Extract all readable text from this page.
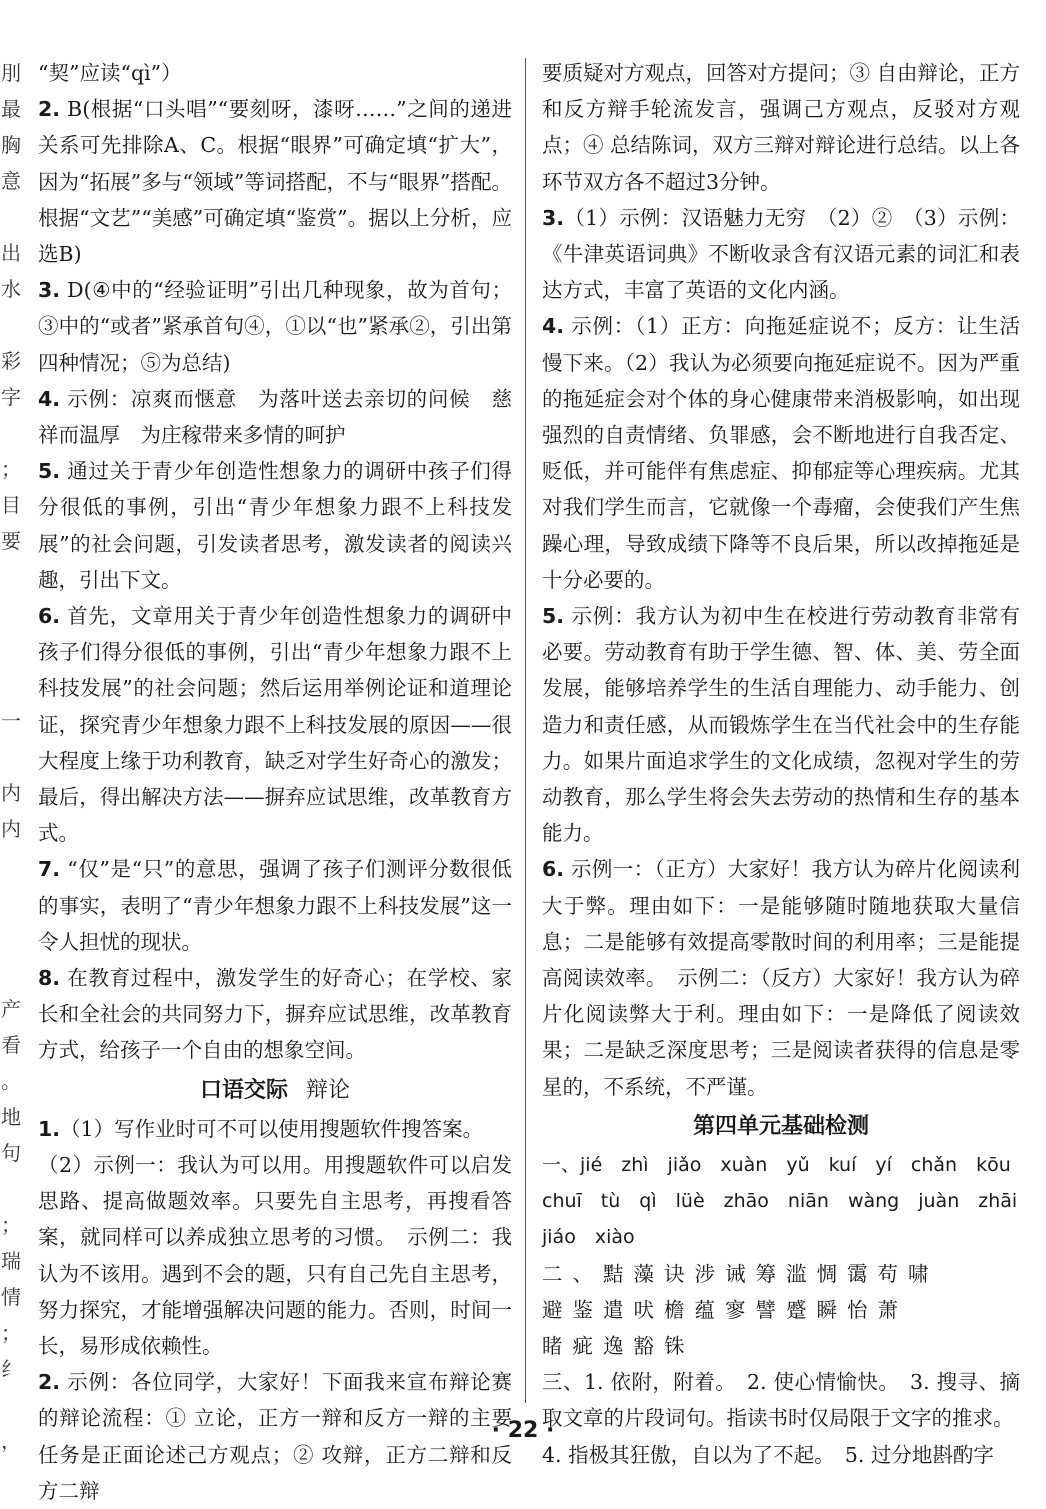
刖
最
胸
意

出
水

彩
字

；
目
要

一

内
内

产
看
。
地
句

；
瑞
情
；
纟

，

“契”应读“qì”）

2. B(根据“口头唱”“要刻呀，漆呀……”之间的递进关系可先排除A、C。根据“眼界”可确定填“扩大”，因为“拓展”多与“领域”等词搭配，不与“眼界”搭配。根据“文艺”“美感”可确定填“鉴赏”。据以上分析，应选B)

3. D(④中的“经验证明”引出几种现象，故为首句；③中的“或者”紧承首句④，①以“也”紧承②，引出第四种情况；⑤为总结)

4. 示例：凉爽而惬意　为落叶送去亲切的问候　慈祥而温厚　为庄稼带来多情的呵护

5. 通过关于青少年创造性想象力的调研中孩子们得分很低的事例，引出“青少年想象力跟不上科技发展”的社会问题，引发读者思考，激发读者的阅读兴趣，引出下文。

6. 首先，文章用关于青少年创造性想象力的调研中孩子们得分很低的事例，引出“青少年想象力跟不上科技发展”的社会问题；然后运用举例论证和道理论证，探究青少年想象力跟不上科技发展的原因——很大程度上缘于功利教育，缺乏对学生好奇心的激发；最后，得出解决方法——摒弃应试思维，改革教育方式。

7. “仅”是“只”的意思，强调了孩子们测评分数很低的事实，表明了“青少年想象力跟不上科技发展”这一令人担忧的现状。

8. 在教育过程中，激发学生的好奇心；在学校、家长和全社会的共同努力下，摒弃应试思维，改革教育方式，给孩子一个自由的想象空间。

口语交际 辩论

1.（1）写作业时可不可以使用搜题软件搜答案。

（2）示例一：我认为可以用。用搜题软件可以启发思路、提高做题效率。只要先自主思考，再搜看答案，就同样可以养成独立思考的习惯。　示例二：我认为不该用。遇到不会的题，只有自己先自主思考，努力探究，才能增强解决问题的能力。否则，时间一长，易形成依赖性。

2. 示例：各位同学，大家好！下面我来宣布辩论赛的辩论流程：① 立论，正方一辩和反方一辩的主要任务是正面论述己方观点；② 攻辩，正方二辩和反方二辩

要质疑对方观点，回答对方提问；③ 自由辩论，正方和反方辩手轮流发言，强调己方观点，反驳对方观点；④ 总结陈词，双方三辩对辩论进行总结。以上各环节双方各不超过3分钟。

3.（1）示例：汉语魅力无穷　（2）②　（3）示例：《牛津英语词典》不断收录含有汉语元素的词汇和表达方式，丰富了英语的文化内涵。

4. 示例：（1）正方：向拖延症说不；反方：让生活慢下来。（2）我认为必须要向拖延症说不。因为严重的拖延症会对个体的身心健康带来消极影响，如出现强烈的自责情绪、负罪感，会不断地进行自我否定、贬低，并可能伴有焦虑症、抑郁症等心理疾病。尤其对我们学生而言，它就像一个毒瘤，会使我们产生焦躁心理，导致成绩下降等不良后果，所以改掉拖延是十分必要的。

5. 示例：我方认为初中生在校进行劳动教育非常有必要。劳动教育有助于学生德、智、体、美、劳全面发展，能够培养学生的生活自理能力、动手能力、创造力和责任感，从而锻炼学生在当代社会中的生存能力。如果片面追求学生的文化成绩，忽视对学生的劳动教育，那么学生将会失去劳动的热情和生存的基本能力。

6. 示例一：（正方）大家好！我方认为碎片化阅读利大于弊。理由如下：一是能够随时随地获取大量信息；二是能够有效提高零散时间的利用率；三是能提高阅读效率。　示例二：（反方）大家好！我方认为碎片化阅读弊大于利。理由如下：一是降低了阅读效果；二是缺乏深度思考；三是阅读者获得的信息是零星的，不系统，不严谨。

第四单元基础检测

一、jié　zhì　jiǎo　xuàn　yǔ　kuí　yí　chǎn　kōu

chuī　tù　qì　lüè　zhāo　niān　wàng　juàn　zhāi

jiáo　xiào

二、黠藻诀涉诫筹滥惆霭苟啸

避鉴遣吠檐蕴寥譬蹙瞬怡萧

睹疵逸豁铢

三、1. 依附，附着。　2. 使心情愉快。　3. 搜寻、摘取文章的片段词句。指读书时仅局限于文字的推求。

4. 指极其狂傲，自以为了不起。　5. 过分地斟酌字

· 22 ·
